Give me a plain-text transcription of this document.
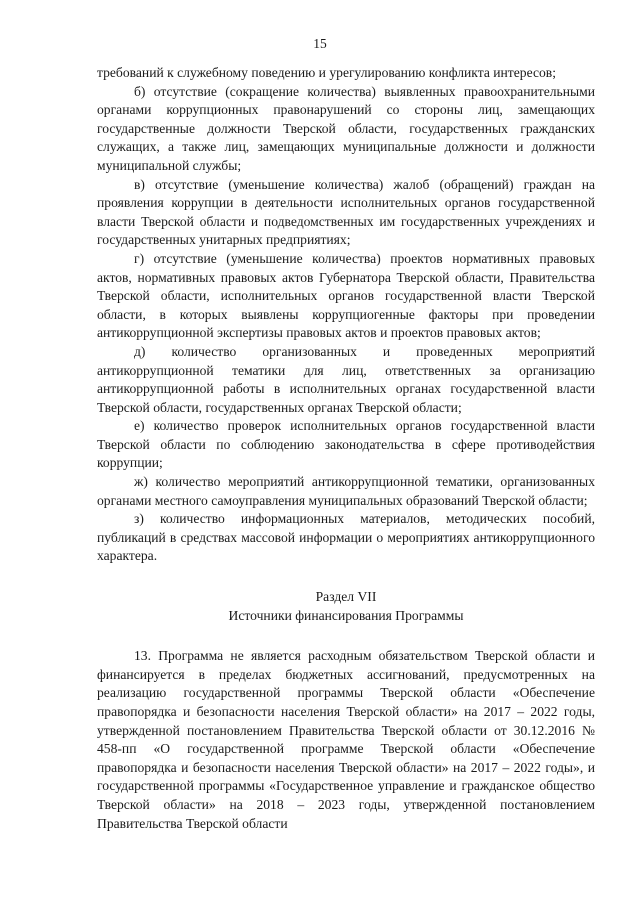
15

требований к служебному поведению и урегулированию конфликта интересов;

б) отсутствие (сокращение количества) выявленных правоохранительными органами коррупционных правонарушений со стороны лиц, замещающих государственные должности Тверской области, государственных гражданских служащих, а также лиц, замещающих муниципальные должности и должности муниципальной службы;

в) отсутствие (уменьшение количества) жалоб (обращений) граждан на проявления коррупции в деятельности исполнительных органов государственной власти Тверской области и подведомственных им государственных учреждениях и государственных унитарных предприятиях;

г) отсутствие (уменьшение количества) проектов нормативных правовых актов, нормативных правовых актов Губернатора Тверской области, Правительства Тверской области, исполнительных органов государственной власти Тверской области, в которых выявлены коррупциогенные факторы при проведении антикоррупционной экспертизы правовых актов и проектов правовых актов;

д) количество организованных и проведенных мероприятий антикоррупционной тематики для лиц, ответственных за организацию антикоррупционной работы в исполнительных органах государственной власти Тверской области, государственных органах Тверской области;

е) количество проверок исполнительных органов государственной власти Тверской области по соблюдению законодательства в сфере противодействия коррупции;

ж) количество мероприятий антикоррупционной тематики, организованных органами местного самоуправления муниципальных образований Тверской области;

з) количество информационных материалов, методических пособий, публикаций в средствах массовой информации о мероприятиях антикоррупционного характера.

Раздел VII
Источники финансирования Программы

13. Программа не является расходным обязательством Тверской области и финансируется в пределах бюджетных ассигнований, предусмотренных на реализацию государственной программы Тверской области «Обеспечение правопорядка и безопасности населения Тверской области» на 2017 – 2022 годы, утвержденной постановлением Правительства Тверской области от 30.12.2016 № 458-пп «О государственной программе Тверской области «Обеспечение правопорядка и безопасности населения Тверской области» на 2017 – 2022 годы», и государственной программы «Государственное управление и гражданское общество Тверской области» на 2018 – 2023 годы, утвержденной постановлением Правительства Тверской области
